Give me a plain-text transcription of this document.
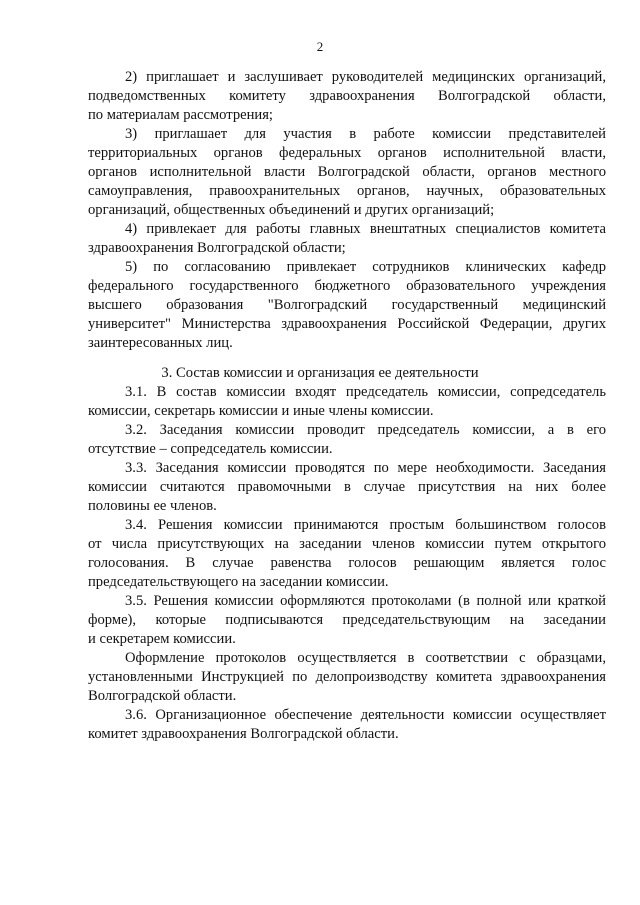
2
2) приглашает и заслушивает руководителей медицинских организаций,
подведомственных комитету здравоохранения Волгоградской области,
по материалам рассмотрения;
3) приглашает для участия в работе комиссии представителей
территориальных органов федеральных органов исполнительной власти,
органов исполнительной власти Волгоградской области, органов местного
самоуправления, правоохранительных органов, научных, образовательных
организаций, общественных объединений и других организаций;
4) привлекает для работы главных внештатных специалистов комитета
здравоохранения Волгоградской области;
5) по согласованию привлекает сотрудников клинических кафедр
федерального государственного бюджетного образовательного учреждения
высшего образования "Волгоградский государственный медицинский
университет" Министерства здравоохранения Российской Федерации, других
заинтересованных лиц.
3. Состав комиссии и организация ее деятельности
3.1. В состав комиссии входят председатель комиссии, сопредседатель
комиссии, секретарь комиссии и иные члены комиссии.
3.2. Заседания комиссии проводит председатель комиссии, а в его
отсутствие – сопредседатель комиссии.
3.3. Заседания комиссии проводятся по мере необходимости. Заседания
комиссии считаются правомочными в случае присутствия на них более
половины ее членов.
3.4. Решения комиссии принимаются простым большинством голосов
от числа присутствующих на заседании членов комиссии путем открытого
голосования. В случае равенства голосов решающим является голос
председательствующего на заседании комиссии.
3.5. Решения комиссии оформляются протоколами (в полной или краткой
форме), которые подписываются председательствующим на заседании
и секретарем комиссии.
Оформление протоколов осуществляется в соответствии с образцами,
установленными Инструкцией по делопроизводству комитета здравоохранения
Волгоградской области.
3.6. Организационное обеспечение деятельности комиссии осуществляет
комитет здравоохранения Волгоградской области.
